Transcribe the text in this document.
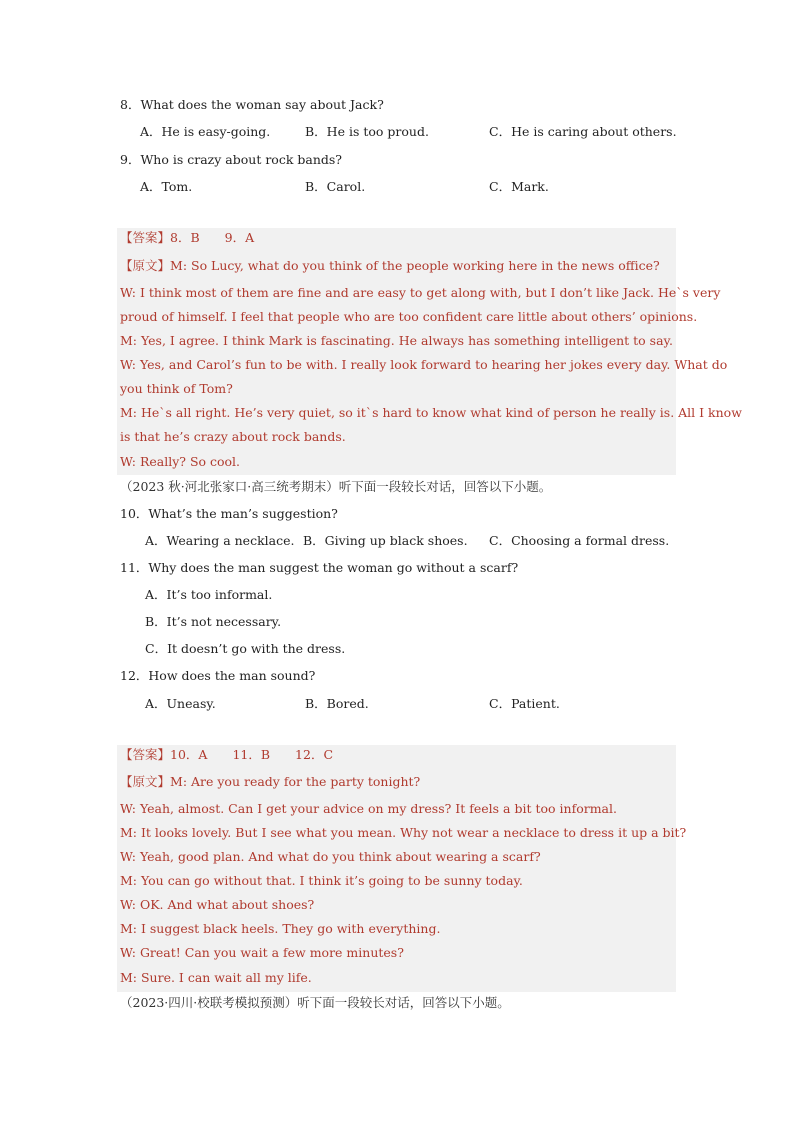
8．What does the woman say about Jack?
A．He is easy-going.	B．He is too proud.	C．He is caring about others.
9．Who is crazy about rock bands?
A．Tom.	B．Carol.	C．Mark.
【答案】8．B　　9．A
【原文】M: So Lucy, what do you think of the people working here in the news office?
W: I think most of them are fine and are easy to get along with, but I don’t like Jack. He`s very
proud of himself. I feel that people who are too confident care little about others’ opinions.
M: Yes, I agree. I think Mark is fascinating. He always has something intelligent to say.
W: Yes, and Carol’s fun to be with. I really look forward to hearing her jokes every day. What do
you think of Tom?
M: He`s all right. He’s very quiet, so it`s hard to know what kind of person he really is. All I know
is that he’s crazy about rock bands.
W: Really? So cool.
（2023 秋·河北张家口·高三统考期末）听下面一段较长对话，回答以下小题。
10．What’s the man’s suggestion?
A．Wearing a necklace. B．Giving up black shoes. C．Choosing a formal dress.
11．Why does the man suggest the woman go without a scarf?
A．It’s too informal.
B．It’s not necessary.
C．It doesn’t go with the dress.
12．How does the man sound?
A．Uneasy.	B．Bored.	C．Patient.
【答案】10．A　　11．B　　12．C
【原文】M: Are you ready for the party tonight?
W: Yeah, almost. Can I get your advice on my dress? It feels a bit too informal.
M: It looks lovely. But I see what you mean. Why not wear a necklace to dress it up a bit?
W: Yeah, good plan. And what do you think about wearing a scarf?
M: You can go without that. I think it’s going to be sunny today.
W: OK. And what about shoes?
M: I suggest black heels. They go with everything.
W: Great! Can you wait a few more minutes?
M: Sure. I can wait all my life.
（2023·四川·校联考模拟预测）听下面一段较长对话，回答以下小题。
